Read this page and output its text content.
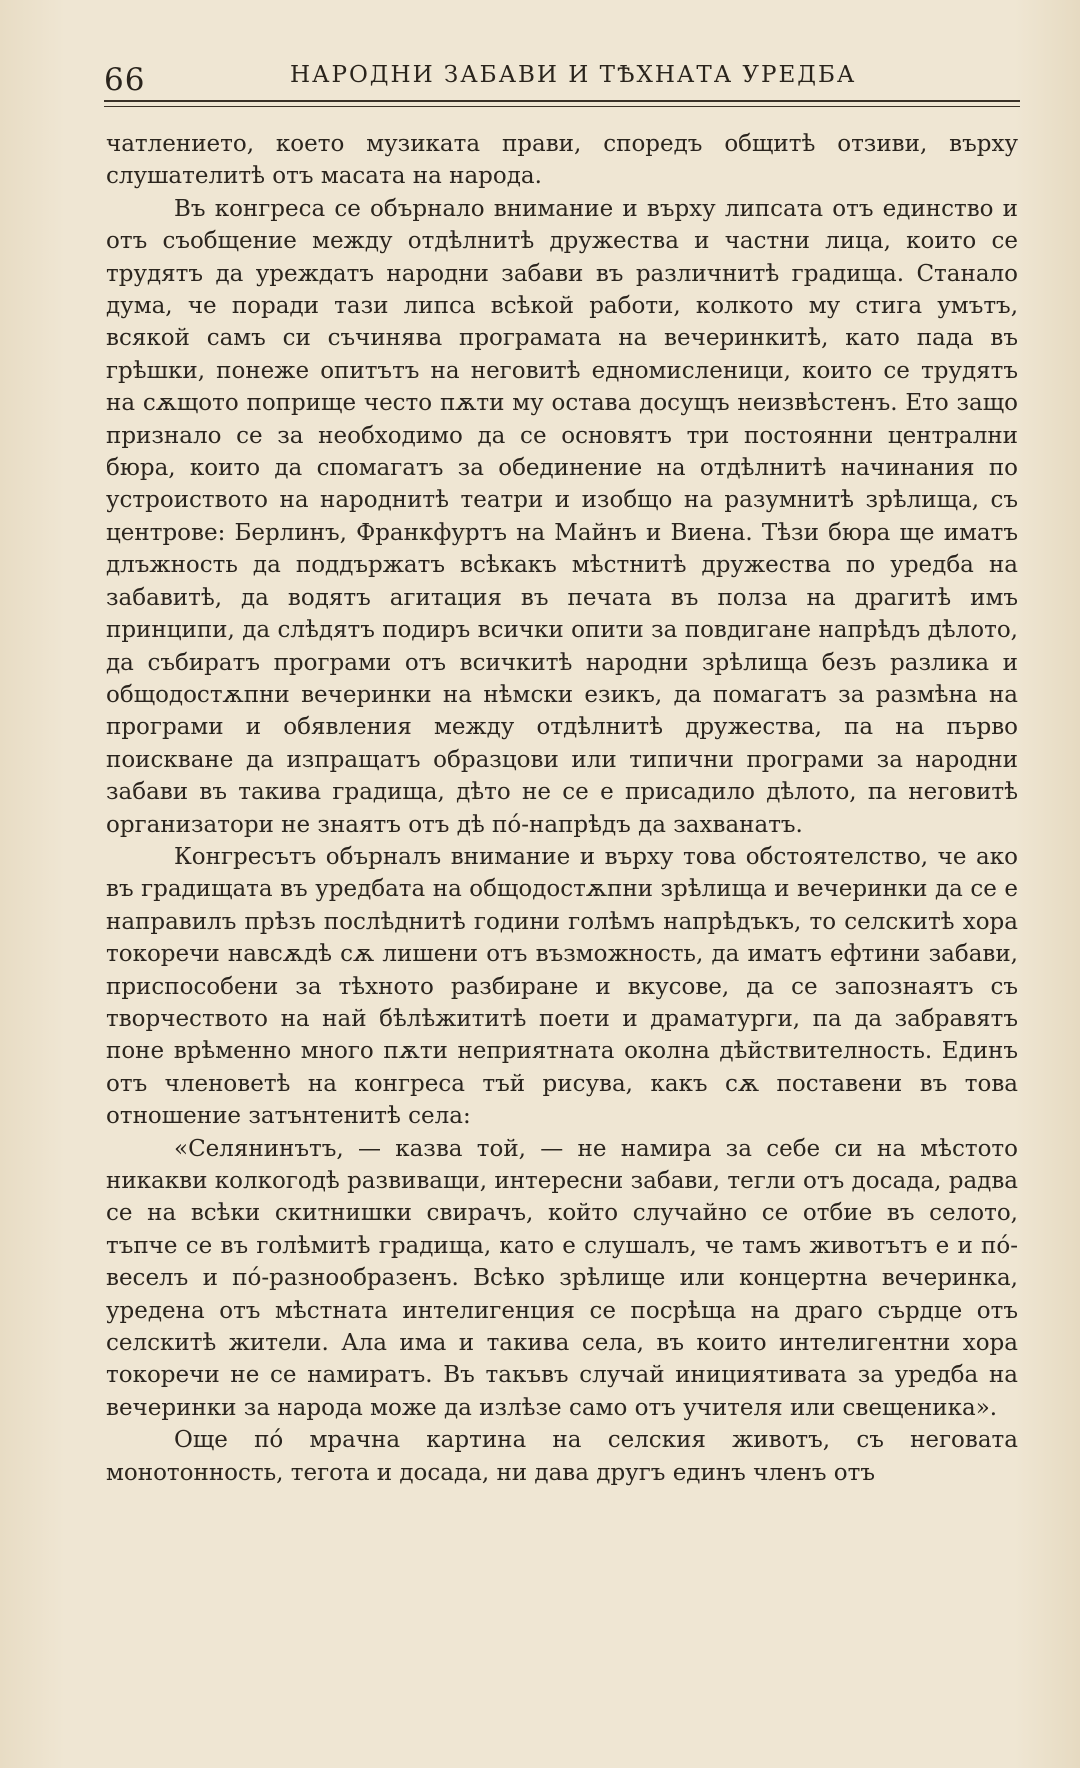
66	НАРОДНИ ЗАБАВИ И ТѢХНАТА УРЕДБА

чатлението, което музиката прави, споредъ общитѣ отзиви, върху слушателитѣ отъ масата на народа.

Въ конгреса се обърнало внимание и върху липсата отъ единство и отъ съобщение между отдѣлнитѣ дружества и частни лица, които се трудятъ да уреждатъ народни забави въ различнитѣ градища. Станало дума, че поради тази липса всѣкой работи, колкото му стига умътъ, всякой самъ си съчинява програмата на вечеринкитѣ, като пада въ грѣшки, понеже опитътъ на неговитѣ едномисленици, които се трудятъ на сѫщото поприще често пѫти му остава досущъ неизвѣстенъ. Ето защо признало се за необходимо да се основятъ три постоянни централни бюра, които да спомагатъ за обединение на отдѣлнитѣ начинания по устроиството на народнитѣ театри и изобщо на разумнитѣ зрѣлища, съ центрове: Берлинъ, Франкфуртъ на Майнъ и Виена. Тѣзи бюра ще иматъ длъжность да поддържатъ всѣкакъ мѣстнитѣ дружества по уредба на забавитѣ, да водятъ агитация въ печата въ полза на драгитѣ имъ принципи, да слѣдятъ подиръ всички опити за повдигане напрѣдъ дѣлото, да събиратъ програми отъ всичкитѣ народни зрѣлища безъ разлика и общодостѫпни вечеринки на нѣмски езикъ, да помагатъ за размѣна на програми и обявления между отдѣлнитѣ дружества, па на първо поискване да изпращатъ образцови или типични програми за народни забави въ такива градища, дѣто не се е присадило дѣлото, па неговитѣ организатори не знаятъ отъ дѣ пó-напрѣдъ да захванатъ.

Конгресътъ обърналъ внимание и върху това обстоятелство, че ако въ градищата въ уредбата на общодостѫпни зрѣлища и вечеринки да се е направилъ прѣзъ послѣднитѣ години голѣмъ напрѣдъкъ, то селскитѣ хора токоречи навсѫдѣ сѫ лишени отъ възможность, да иматъ ефтини забави, приспособени за тѣхното разбиране и вкусове, да се запознаятъ съ творчеството на най бѣлѣжититѣ поети и драматурги, па да забравятъ поне врѣменно много пѫти неприятната околна дѣйствителность. Единъ отъ членоветѣ на конгреса тъй рисува, какъ сѫ поставени въ това отношение затънтенитѣ села:

«Селянинътъ, — казва той, — не намира за себе си на мѣстото никакви колкогодѣ развиващи, интересни забави, тегли отъ досада, радва се на всѣки скитнишки свирачъ, който случайно се отбие въ селото, тъпче се въ голѣмитѣ градища, като е слушалъ, че тамъ животътъ е и пó-веселъ и пó-разнообразенъ. Всѣко зрѣлище или концертна вечеринка, уредена отъ мѣстната интелигенция се посрѣща на драго сърдце отъ селскитѣ жители. Ала има и такива села, въ които интелигентни хора токоречи не се намиратъ. Въ такъвъ случай инициятивата за уредба на вечеринки за народа може да излѣзе само отъ учителя или свещеника».

Още пó мрачна картина на селския животъ, съ неговата монотонность, тегота и досада, ни дава другъ единъ членъ отъ
